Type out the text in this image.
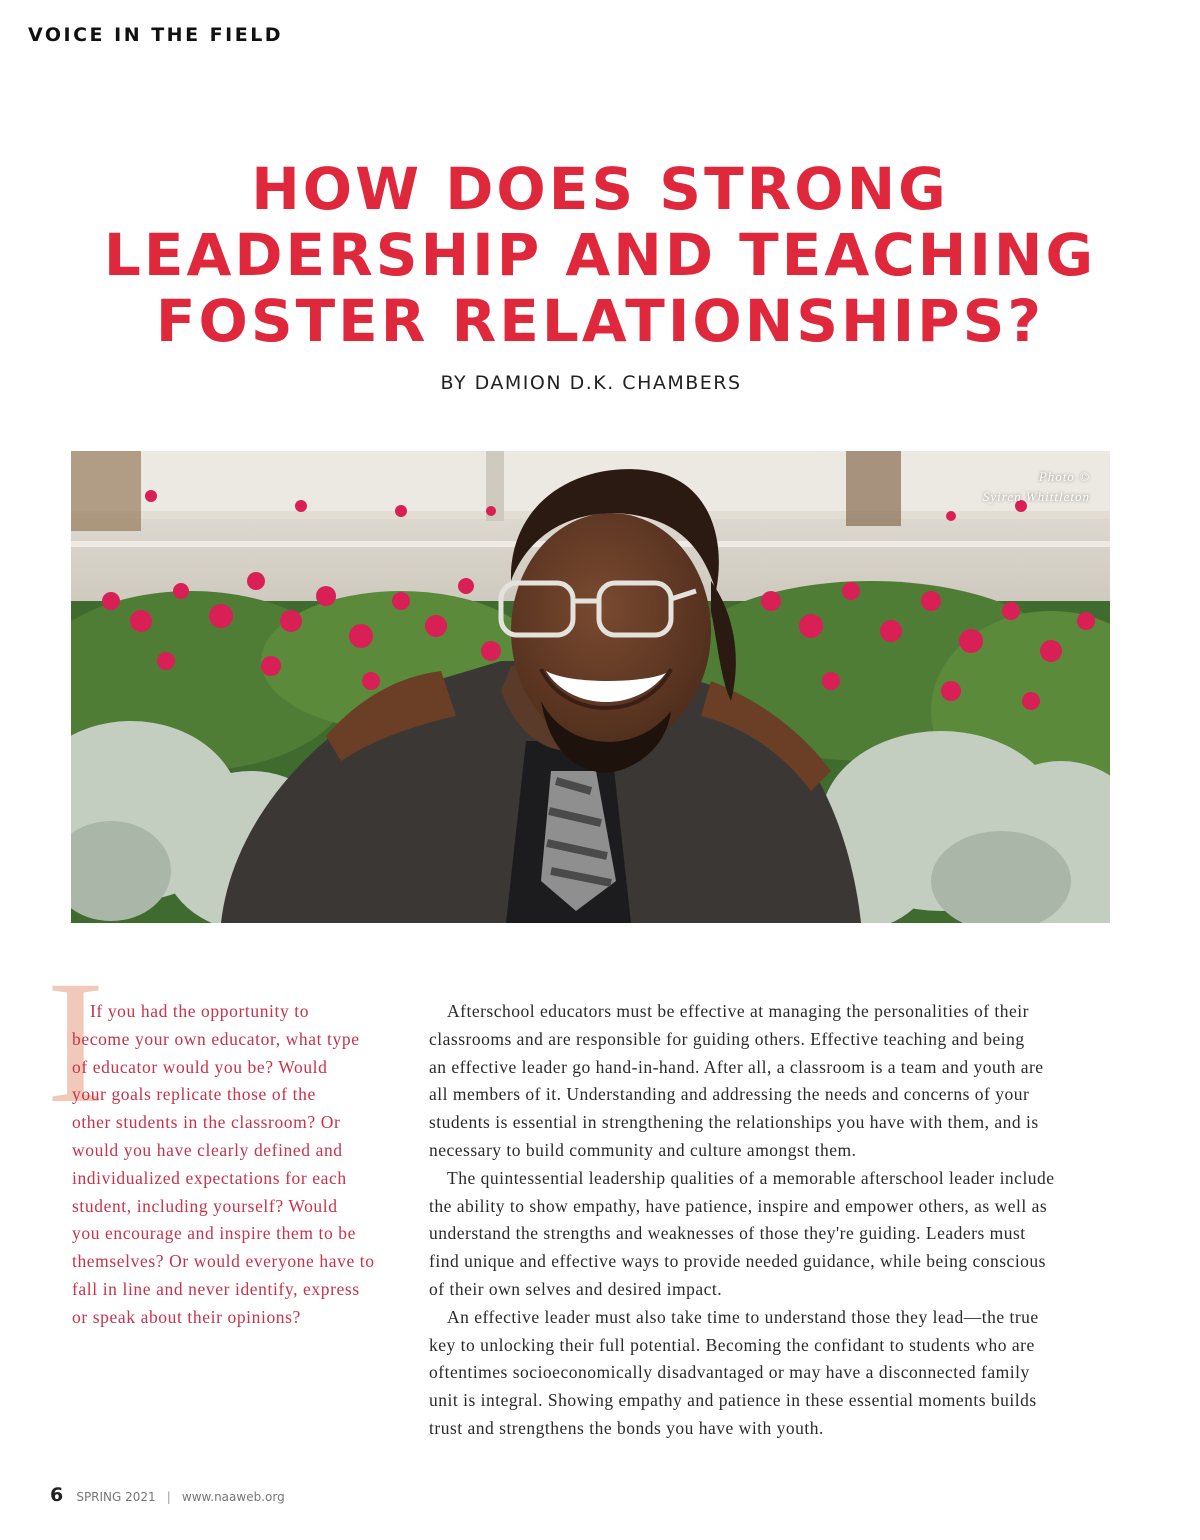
VOICE IN THE FIELD
HOW DOES STRONG
LEADERSHIP AND TEACHING
FOSTER RELATIONSHIPS?
BY DAMION D.K. CHAMBERS
Photo ©
Syiren Whittleton
I
If you had the opportunity to
become your own educator, what type
of educator would you be? Would
your goals replicate those of the
other students in the classroom? Or
would you have clearly defined and
individualized expectations for each
student, including yourself? Would
you encourage and inspire them to be
themselves? Or would everyone have to
fall in line and never identify, express
or speak about their opinions?
Afterschool educators must be effective at managing the personalities of their
classrooms and are responsible for guiding others. Effective teaching and being
an effective leader go hand-in-hand. After all, a classroom is a team and youth are
all members of it. Understanding and addressing the needs and concerns of your
students is essential in strengthening the relationships you have with them, and is
necessary to build community and culture amongst them.
The quintessential leadership qualities of a memorable afterschool leader include
the ability to show empathy, have patience, inspire and empower others, as well as
understand the strengths and weaknesses of those they're guiding. Leaders must
find unique and effective ways to provide needed guidance, while being conscious
of their own selves and desired impact.
An effective leader must also take time to understand those they lead—the true
key to unlocking their full potential. Becoming the confidant to students who are
oftentimes socioeconomically disadvantaged or may have a disconnected family
unit is integral. Showing empathy and patience in these essential moments builds
trust and strengthens the bonds you have with youth.
6 SPRING 2021 | www.naaweb.org
